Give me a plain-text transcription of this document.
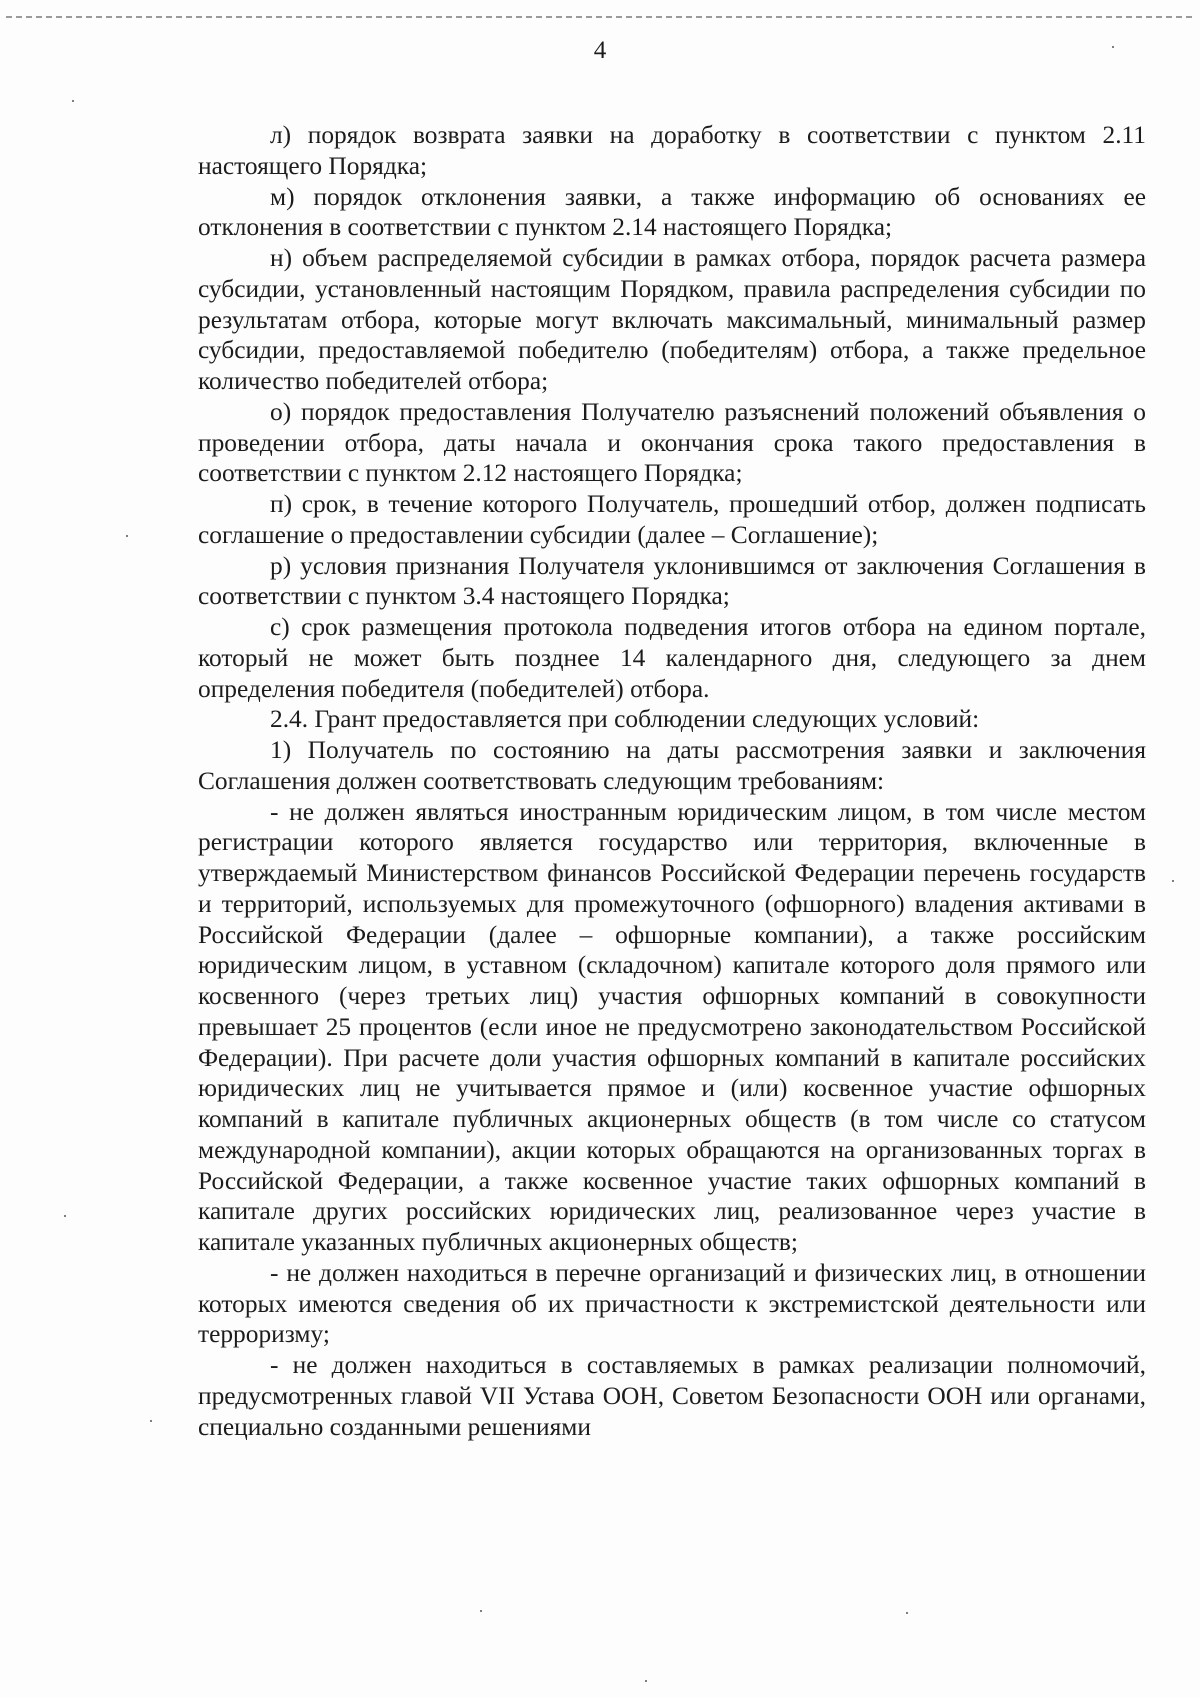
4

л) порядок возврата заявки на доработку в соответствии с пунктом 2.11 настоящего Порядка;

м) порядок отклонения заявки, а также информацию об основаниях ее отклонения в соответствии с пунктом 2.14 настоящего Порядка;

н) объем распределяемой субсидии в рамках отбора, порядок расчета размера субсидии, установленный настоящим Порядком, правила распределения субсидии по результатам отбора, которые могут включать максимальный, минимальный размер субсидии, предоставляемой победителю (победителям) отбора, а также предельное количество победителей отбора;

о) порядок предоставления Получателю разъяснений положений объявления о проведении отбора, даты начала и окончания срока такого предоставления в соответствии с пунктом 2.12 настоящего Порядка;

п) срок, в течение которого Получатель, прошедший отбор, должен подписать соглашение о предоставлении субсидии (далее – Соглашение);

р) условия признания Получателя уклонившимся от заключения Соглашения в соответствии с пунктом 3.4 настоящего Порядка;

с) срок размещения протокола подведения итогов отбора на едином портале, который не может быть позднее 14 календарного дня, следующего за днем определения победителя (победителей) отбора.

2.4. Грант предоставляется при соблюдении следующих условий:

1) Получатель по состоянию на даты рассмотрения заявки и заключения Соглашения должен соответствовать следующим требованиям:

- не должен являться иностранным юридическим лицом, в том числе местом регистрации которого является государство или территория, включенные в утверждаемый Министерством финансов Российской Федерации перечень государств и территорий, используемых для промежуточного (офшорного) владения активами в Российской Федерации (далее – офшорные компании), а также российским юридическим лицом, в уставном (складочном) капитале которого доля прямого или косвенного (через третьих лиц) участия офшорных компаний в совокупности превышает 25 процентов (если иное не предусмотрено законодательством Российской Федерации). При расчете доли участия офшорных компаний в капитале российских юридических лиц не учитывается прямое и (или) косвенное участие офшорных компаний в капитале публичных акционерных обществ (в том числе со статусом международной компании), акции которых обращаются на организованных торгах в Российской Федерации, а также косвенное участие таких офшорных компаний в капитале других российских юридических лиц, реализованное через участие в капитале указанных публичных акционерных обществ;

- не должен находиться в перечне организаций и физических лиц, в отношении которых имеются сведения об их причастности к экстремистской деятельности или терроризму;

- не должен находиться в составляемых в рамках реализации полномочий, предусмотренных главой VII Устава ООН, Советом Безопасности ООН или органами, специально созданными решениями
